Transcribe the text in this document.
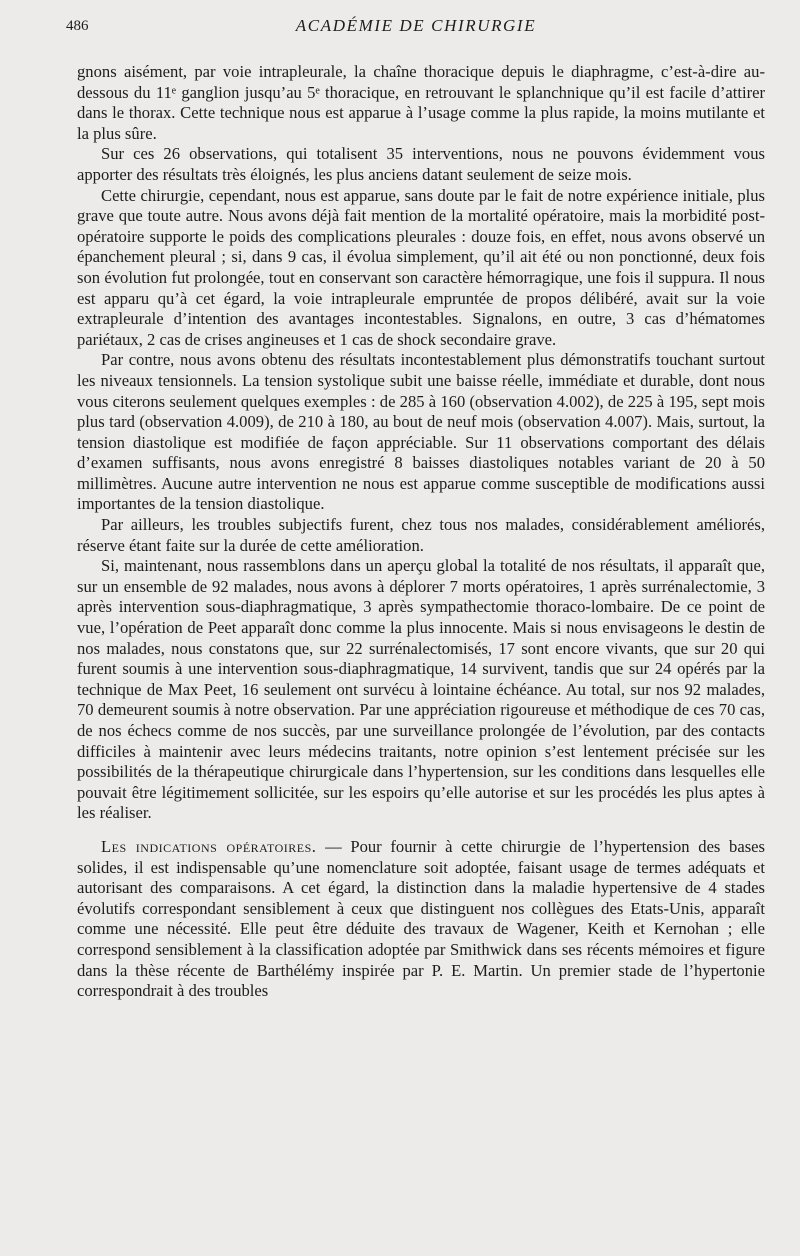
486	ACADÉMIE DE CHIRURGIE

gnons aisément, par voie intrapleurale, la chaîne thoracique depuis le diaphragme, c’est-à-dire au-dessous du 11ᵉ ganglion jusqu’au 5ᵉ thoracique, en retrouvant le splanchnique qu’il est facile d’attirer dans le thorax. Cette technique nous est apparue à l’usage comme la plus rapide, la moins mutilante et la plus sûre.

Sur ces 26 observations, qui totalisent 35 interventions, nous ne pouvons évidemment vous apporter des résultats très éloignés, les plus anciens datant seulement de seize mois.

Cette chirurgie, cependant, nous est apparue, sans doute par le fait de notre expérience initiale, plus grave que toute autre. Nous avons déjà fait mention de la mortalité opératoire, mais la morbidité post-opératoire supporte le poids des complications pleurales : douze fois, en effet, nous avons observé un épanchement pleural ; si, dans 9 cas, il évolua simplement, qu’il ait été ou non ponctionné, deux fois son évolution fut prolongée, tout en conservant son caractère hémorragique, une fois il suppura. Il nous est apparu qu’à cet égard, la voie intrapleurale empruntée de propos délibéré, avait sur la voie extrapleurale d’intention des avantages incontestables. Signalons, en outre, 3 cas d’hématomes pariétaux, 2 cas de crises angineuses et 1 cas de shock secondaire grave.

Par contre, nous avons obtenu des résultats incontestablement plus démonstratifs touchant surtout les niveaux tensionnels. La tension systolique subit une baisse réelle, immédiate et durable, dont nous vous citerons seulement quelques exemples : de 285 à 160 (observation 4.002), de 225 à 195, sept mois plus tard (observation 4.009), de 210 à 180, au bout de neuf mois (observation 4.007). Mais, surtout, la tension diastolique est modifiée de façon appréciable. Sur 11 observations comportant des délais d’examen suffisants, nous avons enregistré 8 baisses diastoliques notables variant de 20 à 50 millimètres. Aucune autre intervention ne nous est apparue comme susceptible de modifications aussi importantes de la tension diastolique.

Par ailleurs, les troubles subjectifs furent, chez tous nos malades, considérablement améliorés, réserve étant faite sur la durée de cette amélioration.

Si, maintenant, nous rassemblons dans un aperçu global la totalité de nos résultats, il apparaît que, sur un ensemble de 92 malades, nous avons à déplorer 7 morts opératoires, 1 après surrénalectomie, 3 après intervention sous-diaphragmatique, 3 après sympathectomie thoraco-lombaire. De ce point de vue, l’opération de Peet apparaît donc comme la plus innocente. Mais si nous envisageons le destin de nos malades, nous constatons que, sur 22 surrénalectomisés, 17 sont encore vivants, que sur 20 qui furent soumis à une intervention sous-diaphragmatique, 14 survivent, tandis que sur 24 opérés par la technique de Max Peet, 16 seulement ont survécu à lointaine échéance. Au total, sur nos 92 malades, 70 demeurent soumis à notre observation. Par une appréciation rigoureuse et méthodique de ces 70 cas, de nos échecs comme de nos succès, par une surveillance prolongée de l’évolution, par des contacts difficiles à maintenir avec leurs médecins traitants, notre opinion s’est lentement précisée sur les possibilités de la thérapeutique chirurgicale dans l’hypertension, sur les conditions dans lesquelles elle pouvait être légitimement sollicitée, sur les espoirs qu’elle autorise et sur les procédés les plus aptes à les réaliser.

Les indications opératoires. — Pour fournir à cette chirurgie de l’hypertension des bases solides, il est indispensable qu’une nomenclature soit adoptée, faisant usage de termes adéquats et autorisant des comparaisons. A cet égard, la distinction dans la maladie hypertensive de 4 stades évolutifs correspondant sensiblement à ceux que distinguent nos collègues des Etats-Unis, apparaît comme une nécessité. Elle peut être déduite des travaux de Wagener, Keith et Kernohan ; elle correspond sensiblement à la classification adoptée par Smithwick dans ses récents mémoires et figure dans la thèse récente de Barthélémy inspirée par P. E. Martin. Un premier stade de l’hypertonie correspondrait à des troubles
